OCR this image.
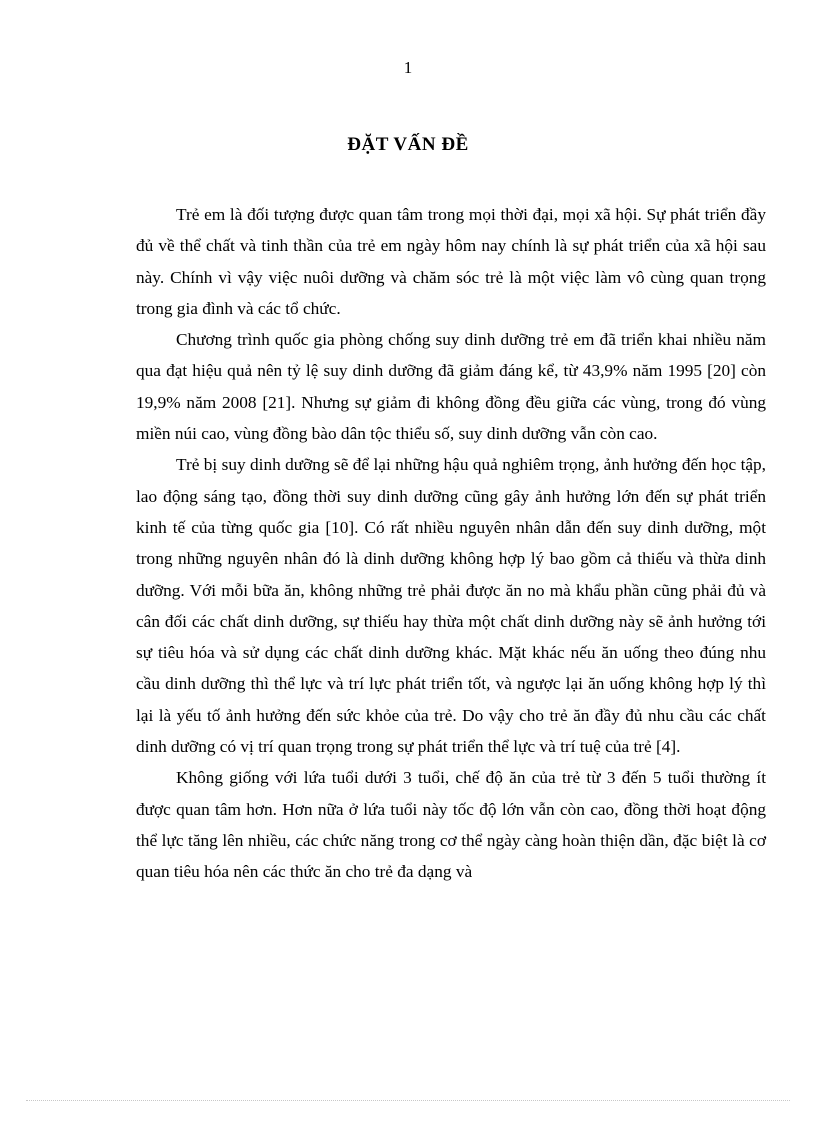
1
ĐẶT VẤN ĐỀ

Trẻ em là đối tượng được quan tâm trong mọi thời đại, mọi xã hội. Sự phát triển đầy đủ về thể chất và tinh thần của trẻ em ngày hôm nay chính là sự phát triển của xã hội sau này. Chính vì vậy việc nuôi dưỡng và chăm sóc trẻ là một việc làm vô cùng quan trọng trong gia đình và các tổ chức.

Chương trình quốc gia phòng chống suy dinh dưỡng trẻ em đã triển khai nhiều năm qua đạt hiệu quả nên tỷ lệ suy dinh dưỡng đã giảm đáng kể, từ 43,9% năm 1995 [20] còn 19,9% năm 2008 [21]. Nhưng sự giảm đi không đồng đều giữa các vùng, trong đó vùng miền núi cao, vùng đồng bào dân tộc thiểu số, suy dinh dưỡng vẫn còn cao.

Trẻ bị suy dinh dưỡng sẽ để lại những hậu quả nghiêm trọng, ảnh hưởng đến học tập, lao động sáng tạo, đồng thời suy dinh dưỡng cũng gây ảnh hưởng lớn đến sự phát triển kinh tế của từng quốc gia [10]. Có rất nhiều nguyên nhân dẫn đến suy dinh dưỡng, một trong những nguyên nhân đó là dinh dưỡng không hợp lý bao gồm cả thiếu và thừa dinh dưỡng. Với mỗi bữa ăn, không những trẻ phải được ăn no mà khẩu phần cũng phải đủ và cân đối các chất dinh dưỡng, sự thiếu hay thừa một chất dinh dưỡng này sẽ ảnh hưởng tới sự tiêu hóa và sử dụng các chất dinh dưỡng khác. Mặt khác nếu ăn uống theo đúng nhu cầu dinh dưỡng thì thể lực và trí lực phát triển tốt, và ngược lại ăn uống không hợp lý thì lại là yếu tố ảnh hưởng đến sức khỏe của trẻ. Do vậy cho trẻ ăn đầy đủ nhu cầu các chất dinh dưỡng có vị trí quan trọng trong sự phát triển thể lực và trí tuệ của trẻ [4].

Không giống với lứa tuổi dưới 3 tuổi, chế độ ăn của trẻ từ 3 đến 5 tuổi thường ít được quan tâm hơn. Hơn nữa ở lứa tuổi này tốc độ lớn vẫn còn cao, đồng thời hoạt động thể lực tăng lên nhiều, các chức năng trong cơ thể ngày càng hoàn thiện dần, đặc biệt là cơ quan tiêu hóa nên các thức ăn cho trẻ đa dạng và
